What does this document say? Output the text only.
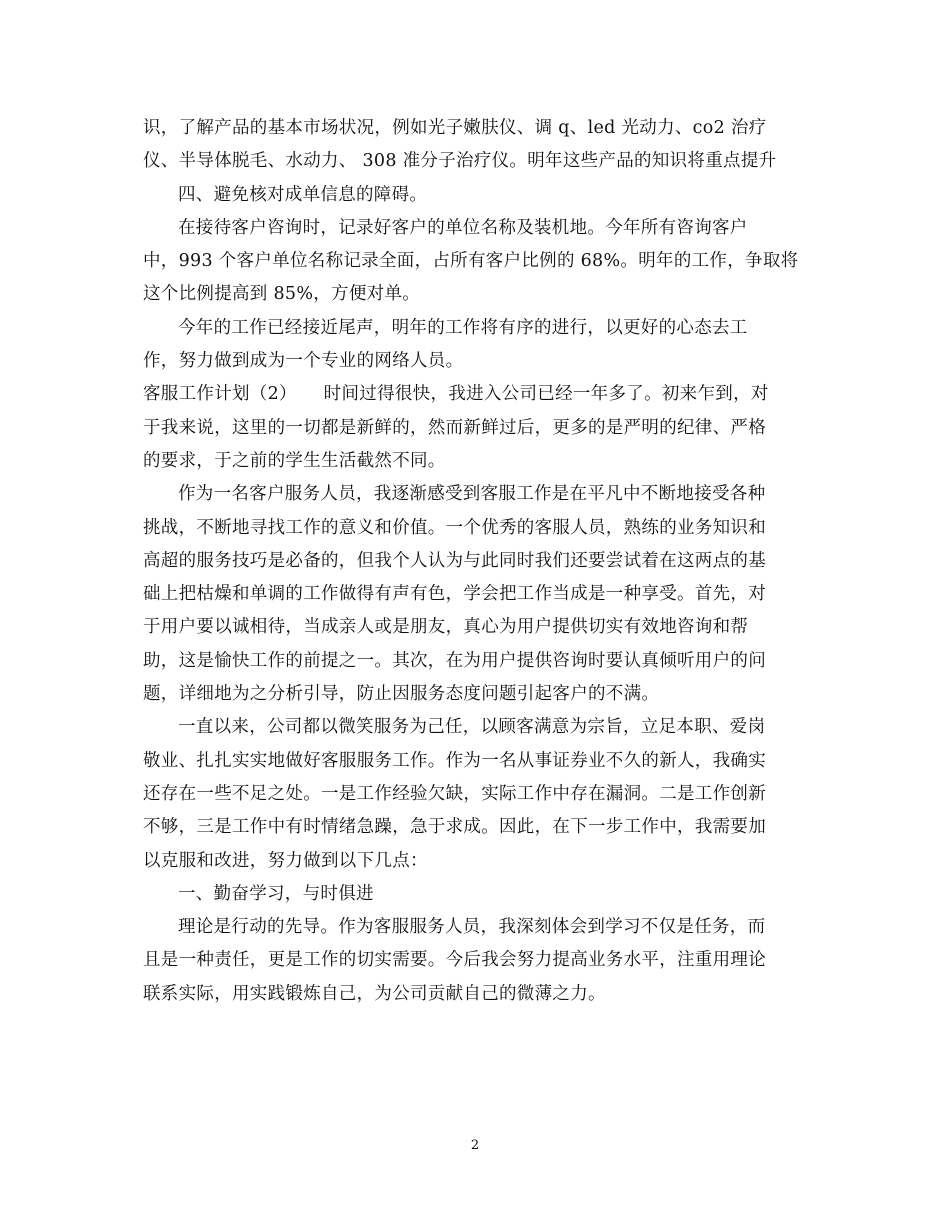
识，了解产品的基本市场状况，例如光子嫩肤仪、调 q、led 光动力、co2 治疗
仪、半导体脱毛、水动力、 308 准分子治疗仪。明年这些产品的知识将重点提升
四、避免核对成单信息的障碍。
在接待客户咨询时，记录好客户的单位名称及装机地。今年所有咨询客户
中，993 个客户单位名称记录全面，占所有客户比例的 68%。明年的工作，争取将
这个比例提高到 85%，方便对单。
今年的工作已经接近尾声，明年的工作将有序的进行，以更好的心态去工
作，努力做到成为一个专业的网络人员。
客服工作计划（2）　　时间过得很快，我进入公司已经一年多了。初来乍到，对
于我来说，这里的一切都是新鲜的，然而新鲜过后，更多的是严明的纪律、严格
的要求，于之前的学生生活截然不同。
作为一名客户服务人员，我逐渐感受到客服工作是在平凡中不断地接受各种
挑战，不断地寻找工作的意义和价值。一个优秀的客服人员，熟练的业务知识和
高超的服务技巧是必备的，但我个人认为与此同时我们还要尝试着在这两点的基
础上把枯燥和单调的工作做得有声有色，学会把工作当成是一种享受。首先，对
于用户要以诚相待，当成亲人或是朋友，真心为用户提供切实有效地咨询和帮
助，这是愉快工作的前提之一。其次，在为用户提供咨询时要认真倾听用户的问
题，详细地为之分析引导，防止因服务态度问题引起客户的不满。
一直以来，公司都以微笑服务为己任，以顾客满意为宗旨，立足本职、爱岗
敬业、扎扎实实地做好客服服务工作。作为一名从事证券业不久的新人，我确实
还存在一些不足之处。一是工作经验欠缺，实际工作中存在漏洞。二是工作创新
不够，三是工作中有时情绪急躁，急于求成。因此，在下一步工作中，我需要加
以克服和改进，努力做到以下几点：
一、勤奋学习，与时俱进
理论是行动的先导。作为客服服务人员，我深刻体会到学习不仅是任务，而
且是一种责任，更是工作的切实需要。今后我会努力提高业务水平，注重用理论
联系实际，用实践锻炼自己，为公司贡献自己的微薄之力。
2
